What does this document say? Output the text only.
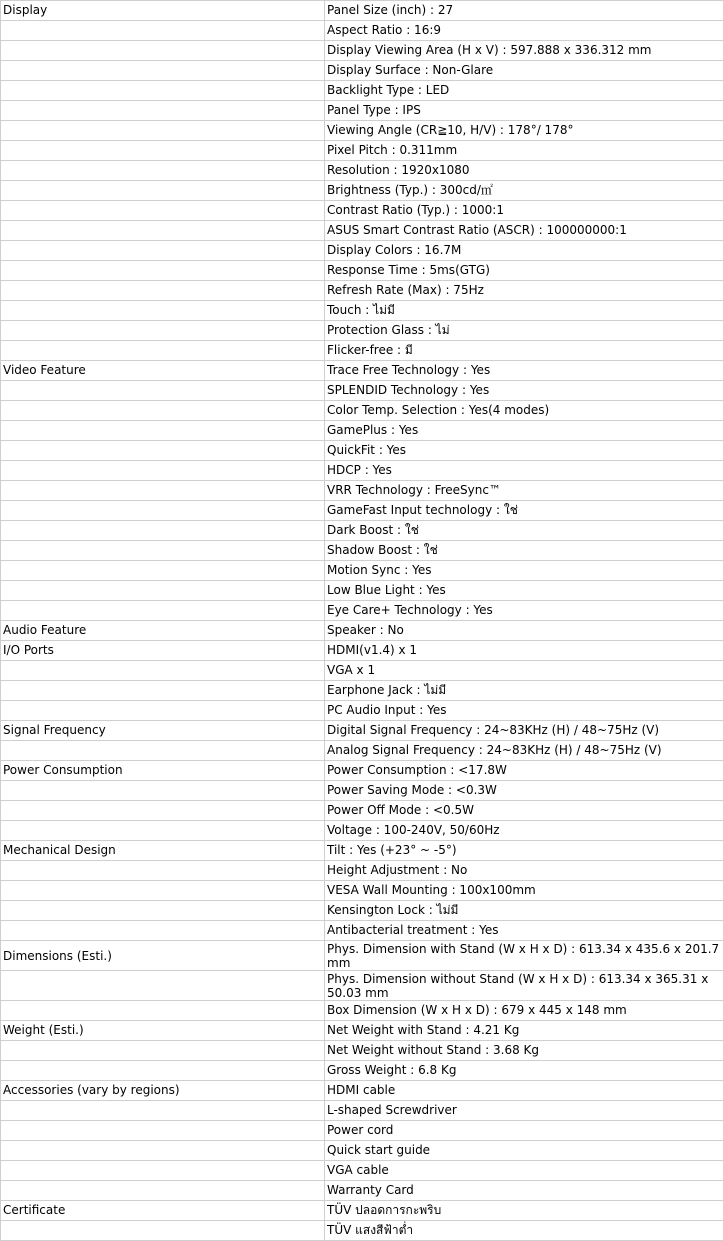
Display	Panel Size (inch) : 27
	Aspect Ratio : 16:9
	Display Viewing Area (H x V) : 597.888 x 336.312 mm
	Display Surface : Non-Glare
	Backlight Type : LED
	Panel Type : IPS
	Viewing Angle (CR≧10, H/V) : 178°/ 178°
	Pixel Pitch : 0.311mm
	Resolution : 1920x1080
	Brightness (Typ.) : 300cd/㎡
	Contrast Ratio (Typ.) : 1000:1
	ASUS Smart Contrast Ratio (ASCR) : 100000000:1
	Display Colors : 16.7M
	Response Time : 5ms(GTG)
	Refresh Rate (Max) : 75Hz
	Touch : ไม่มี
	Protection Glass : ไม่
	Flicker-free : มี
Video Feature	Trace Free Technology : Yes
	SPLENDID Technology : Yes
	Color Temp. Selection : Yes(4 modes)
	GamePlus : Yes
	QuickFit : Yes
	HDCP : Yes
	VRR Technology : FreeSync™
	GameFast Input technology : ใช่
	Dark Boost : ใช่
	Shadow Boost : ใช่
	Motion Sync : Yes
	Low Blue Light : Yes
	Eye Care+ Technology : Yes
Audio Feature	Speaker : No
I/O Ports	HDMI(v1.4) x 1
	VGA x 1
	Earphone Jack : ไม่มี
	PC Audio Input : Yes
Signal Frequency	Digital Signal Frequency : 24~83KHz (H) / 48~75Hz (V)
	Analog Signal Frequency : 24~83KHz (H) / 48~75Hz (V)
Power Consumption	Power Consumption : <17.8W
	Power Saving Mode : <0.3W
	Power Off Mode : <0.5W
	Voltage : 100-240V, 50/60Hz
Mechanical Design	Tilt : Yes (+23° ~ -5°)
	Height Adjustment : No
	VESA Wall Mounting : 100x100mm
	Kensington Lock : ไม่มี
	Antibacterial treatment : Yes
Dimensions (Esti.)	Phys. Dimension with Stand (W x H x D) : 613.34 x 435.6 x 201.7 mm
	Phys. Dimension without Stand (W x H x D) : 613.34 x 365.31 x 50.03 mm
	Box Dimension (W x H x D) : 679 x 445 x 148 mm
Weight (Esti.)	Net Weight with Stand : 4.21 Kg
	Net Weight without Stand : 3.68 Kg
	Gross Weight : 6.8 Kg
Accessories (vary by regions)	HDMI cable
	L-shaped Screwdriver
	Power cord
	Quick start guide
	VGA cable
	Warranty Card
Certificate	TÜV ปลอดการกะพริบ
	TÜV แสงสีฟ้าต่ำ
